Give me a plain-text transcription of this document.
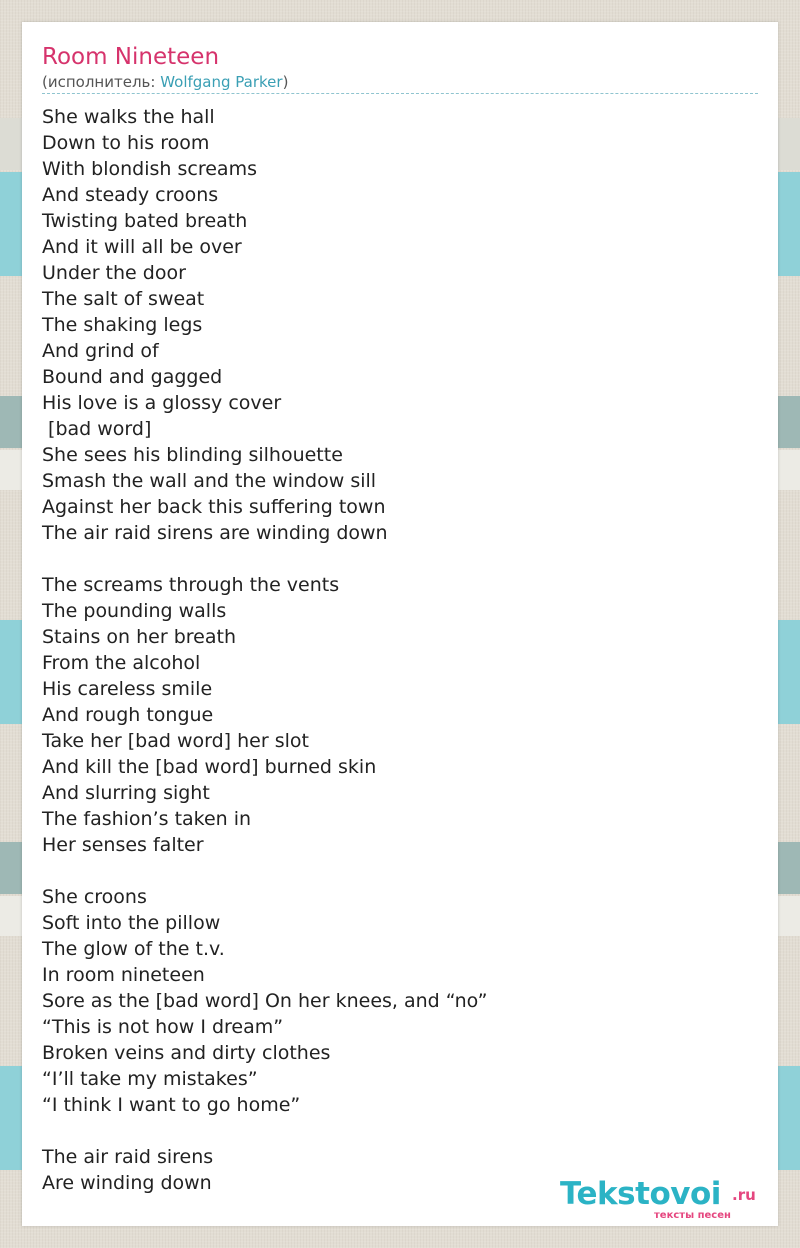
Room Nineteen
(исполнитель: Wolfgang Parker)
She walks the hall
Down to his room
With blondish screams
And steady croons
Twisting bated breath
And it will all be over
Under the door
The salt of sweat
The shaking legs
And grind of
Bound and gagged
His love is a glossy cover
[bad word]
She sees his blinding silhouette
Smash the wall and the window sill
Against her back this suffering town
The air raid sirens are winding down
The screams through the vents
The pounding walls
Stains on her breath
From the alcohol
His careless smile
And rough tongue
Take her [bad word] her slot
And kill the [bad word] burned skin
And slurring sight
The fashion’s taken in
Her senses falter
She croons
Soft into the pillow
The glow of the t.v.
In room nineteen
Sore as the [bad word] On her knees, and “no”
“This is not how I dream”
Broken veins and dirty clothes
“I’ll take my mistakes”
“I think I want to go home”
The air raid sirens
Are winding down	Tekstovoi .ru
тексты песен
